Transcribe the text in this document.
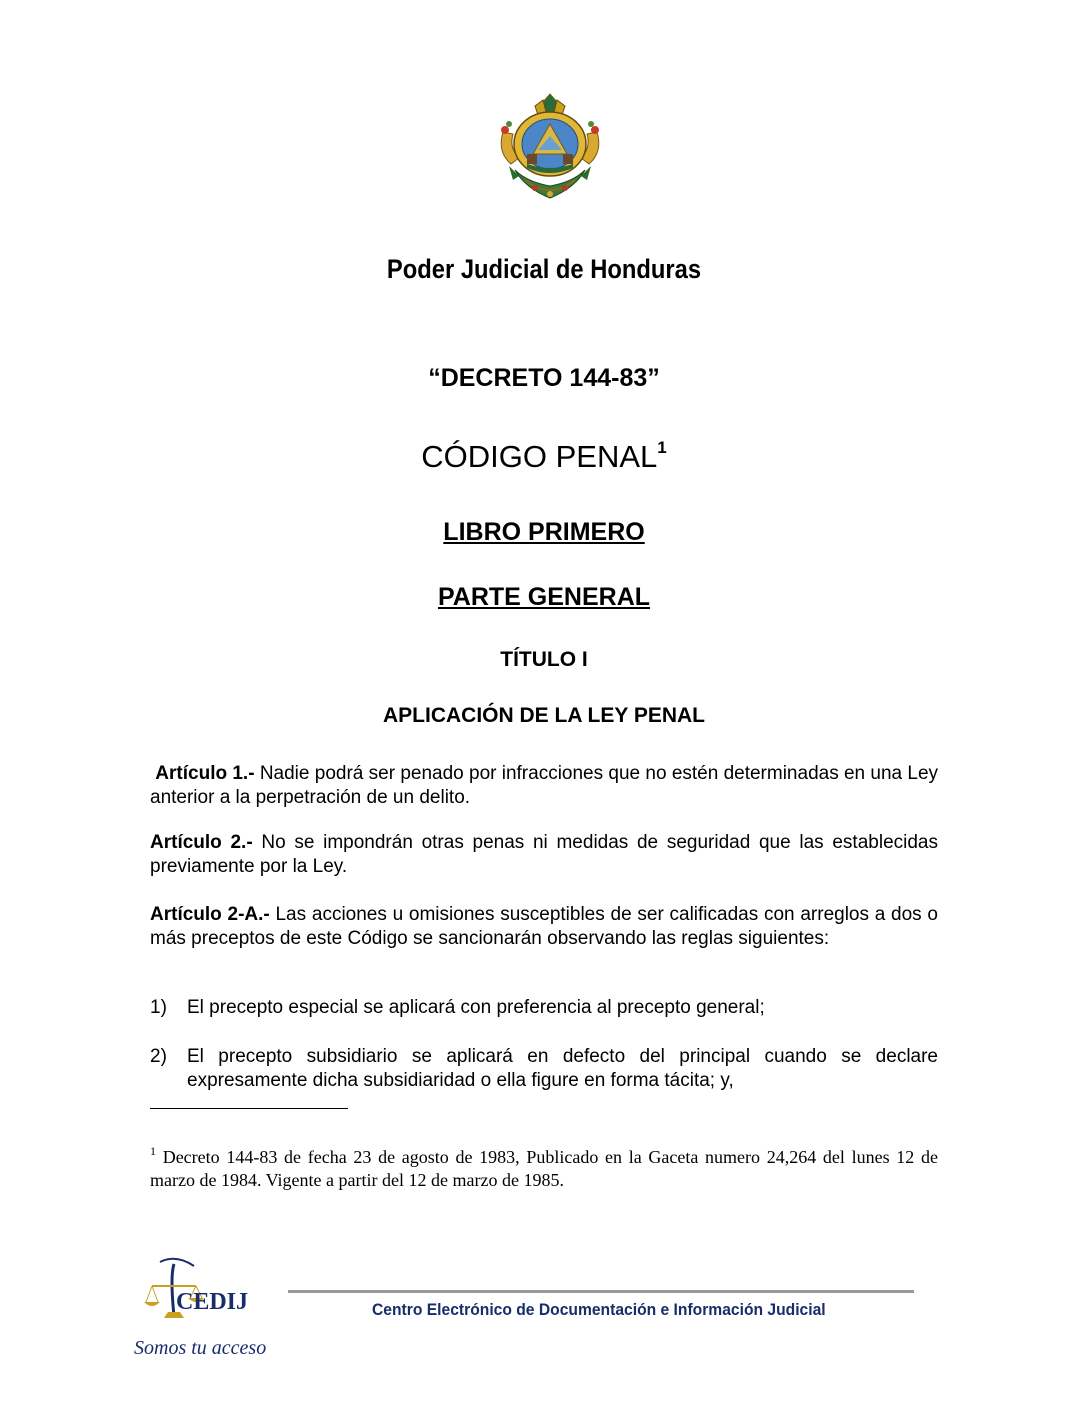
Poder Judicial de Honduras
“DECRETO 144-83”
CÓDIGO PENAL$^1$
LIBRO PRIMERO
PARTE GENERAL
TÍTULO I
APLICACIÓN DE LA LEY PENAL
Artículo 1.- Nadie podrá ser penado por infracciones que no estén determinadas en una Ley anterior a la perpetración de un delito.
Artículo 2.- No se impondrán otras penas ni medidas de seguridad que las establecidas previamente por la Ley.
Artículo 2-A.- Las acciones u omisiones susceptibles de ser calificadas con arreglos a dos o más preceptos de este Código se sancionarán observando las reglas siguientes:
1) El precepto especial se aplicará con preferencia al precepto general;
2) El precepto subsidiario se aplicará en defecto del principal cuando se declare expresamente dicha subsidiaridad o ella figure en forma tácita; y,
$^1$ Decreto 144-83 de fecha 23 de agosto de 1983, Publicado en la Gaceta numero 24,264 del lunes 12 de marzo de 1984. Vigente a partir del 12 de marzo de 1985.
CEDIJ
Somos tu acceso
Centro Electrónico de Documentación e Información Judicial
